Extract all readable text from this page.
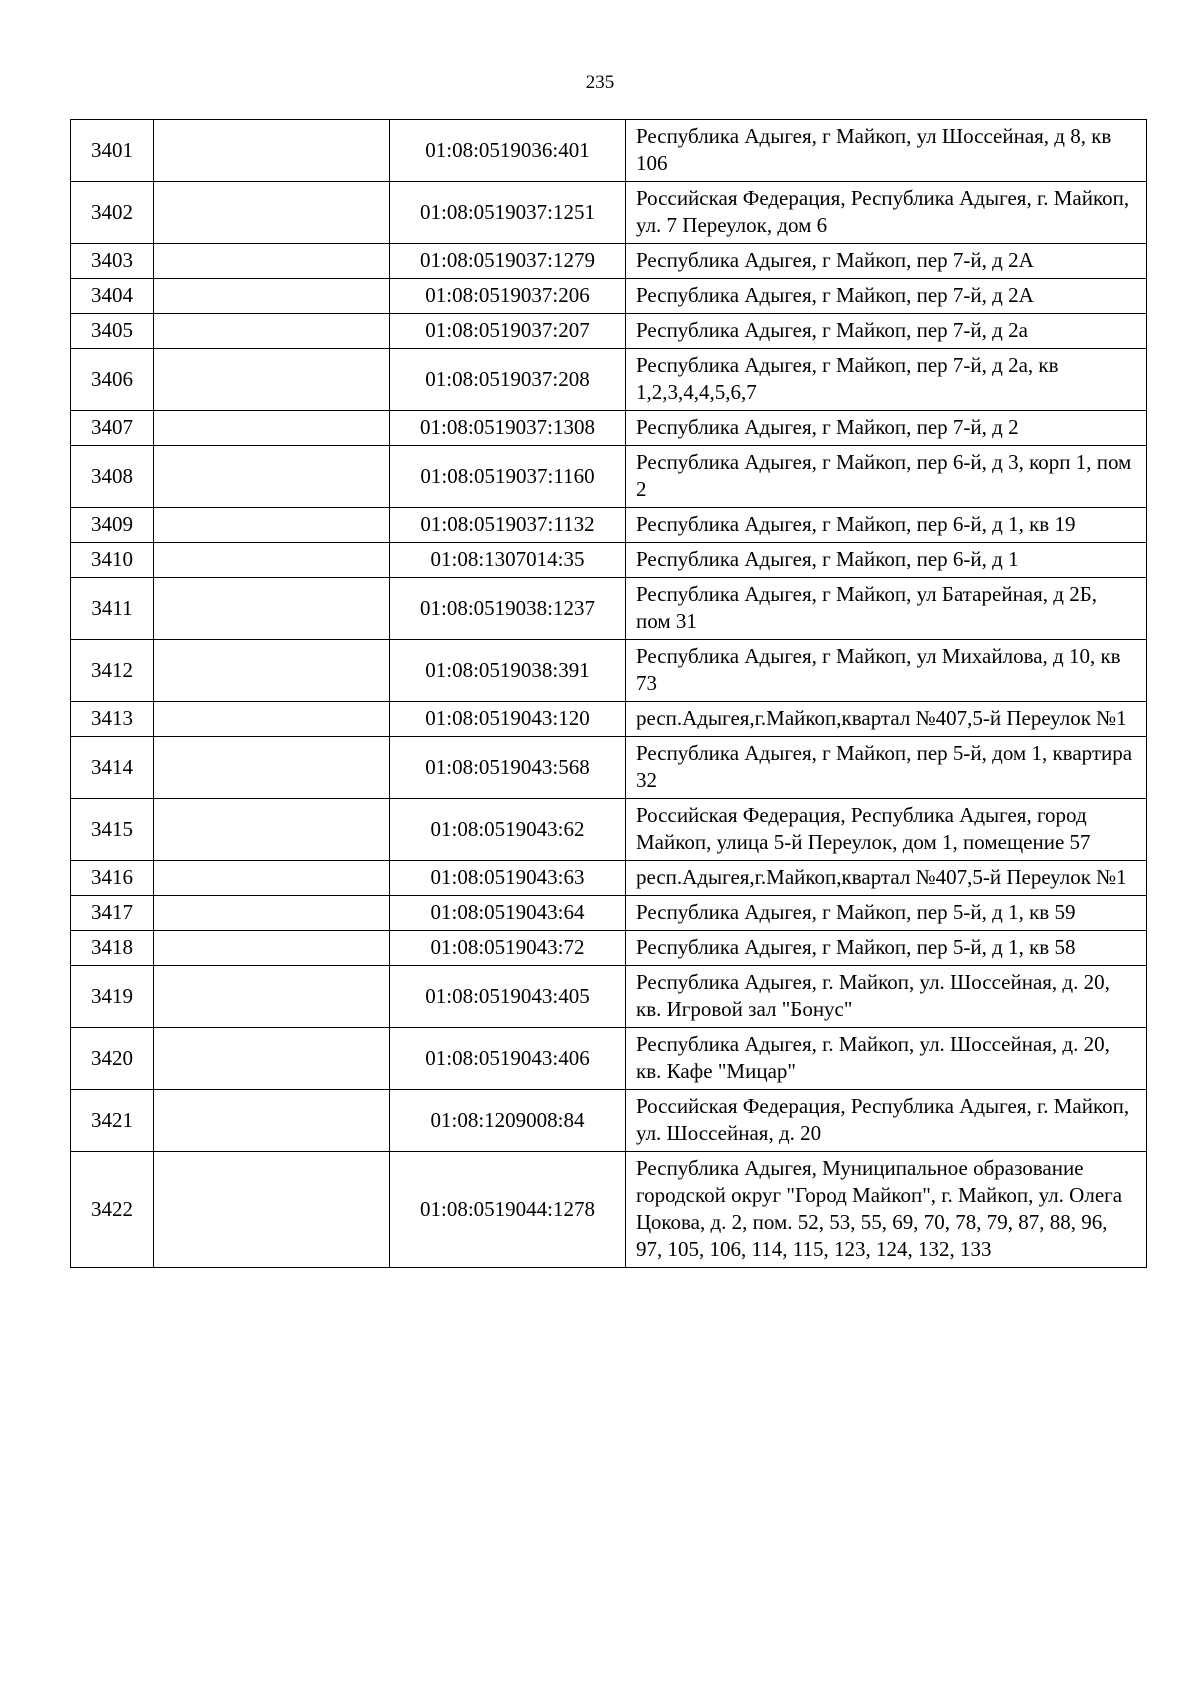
235
3401		01:08:0519036:401	Республика Адыгея, г Майкоп, ул Шоссейная, д 8, кв 106
3402		01:08:0519037:1251	Российская Федерация, Республика Адыгея, г. Майкоп, ул. 7 Переулок, дом 6
3403		01:08:0519037:1279	Республика Адыгея, г Майкоп, пер 7-й, д 2А
3404		01:08:0519037:206	Республика Адыгея, г Майкоп, пер 7-й, д 2А
3405		01:08:0519037:207	Республика Адыгея, г Майкоп, пер 7-й, д 2а
3406		01:08:0519037:208	Республика Адыгея, г Майкоп, пер 7-й, д 2а, кв 1,2,3,4,4,5,6,7
3407		01:08:0519037:1308	Республика Адыгея, г Майкоп, пер 7-й, д 2
3408		01:08:0519037:1160	Республика Адыгея, г Майкоп, пер 6-й, д 3, корп 1, пом 2
3409		01:08:0519037:1132	Республика Адыгея, г Майкоп, пер 6-й, д 1, кв 19
3410		01:08:1307014:35	Республика Адыгея, г Майкоп, пер 6-й, д 1
3411		01:08:0519038:1237	Республика Адыгея, г Майкоп, ул Батарейная, д 2Б, пом 31
3412		01:08:0519038:391	Республика Адыгея, г Майкоп, ул Михайлова, д 10, кв 73
3413		01:08:0519043:120	респ.Адыгея,г.Майкоп,квартал №407,5-й Переулок №1
3414		01:08:0519043:568	Республика Адыгея, г Майкоп, пер 5-й, дом 1, квартира 32
3415		01:08:0519043:62	Российская Федерация, Республика Адыгея, город Майкоп, улица 5-й Переулок, дом 1, помещение 57
3416		01:08:0519043:63	респ.Адыгея,г.Майкоп,квартал №407,5-й Переулок №1
3417		01:08:0519043:64	Республика Адыгея, г Майкоп, пер 5-й, д 1, кв 59
3418		01:08:0519043:72	Республика Адыгея, г Майкоп, пер 5-й, д 1, кв 58
3419		01:08:0519043:405	Республика Адыгея, г. Майкоп, ул. Шоссейная, д. 20, кв. Игровой зал "Бонус"
3420		01:08:0519043:406	Республика Адыгея, г. Майкоп, ул. Шоссейная, д. 20, кв. Кафе "Мицар"
3421		01:08:1209008:84	Российская Федерация, Республика Адыгея, г. Майкоп, ул. Шоссейная, д. 20
3422		01:08:0519044:1278	Республика Адыгея, Муниципальное образование городской округ "Город Майкоп", г. Майкоп, ул. Олега Цокова, д. 2, пом. 52, 53, 55, 69, 70, 78, 79, 87, 88, 96, 97, 105, 106, 114, 115, 123, 124, 132, 133
